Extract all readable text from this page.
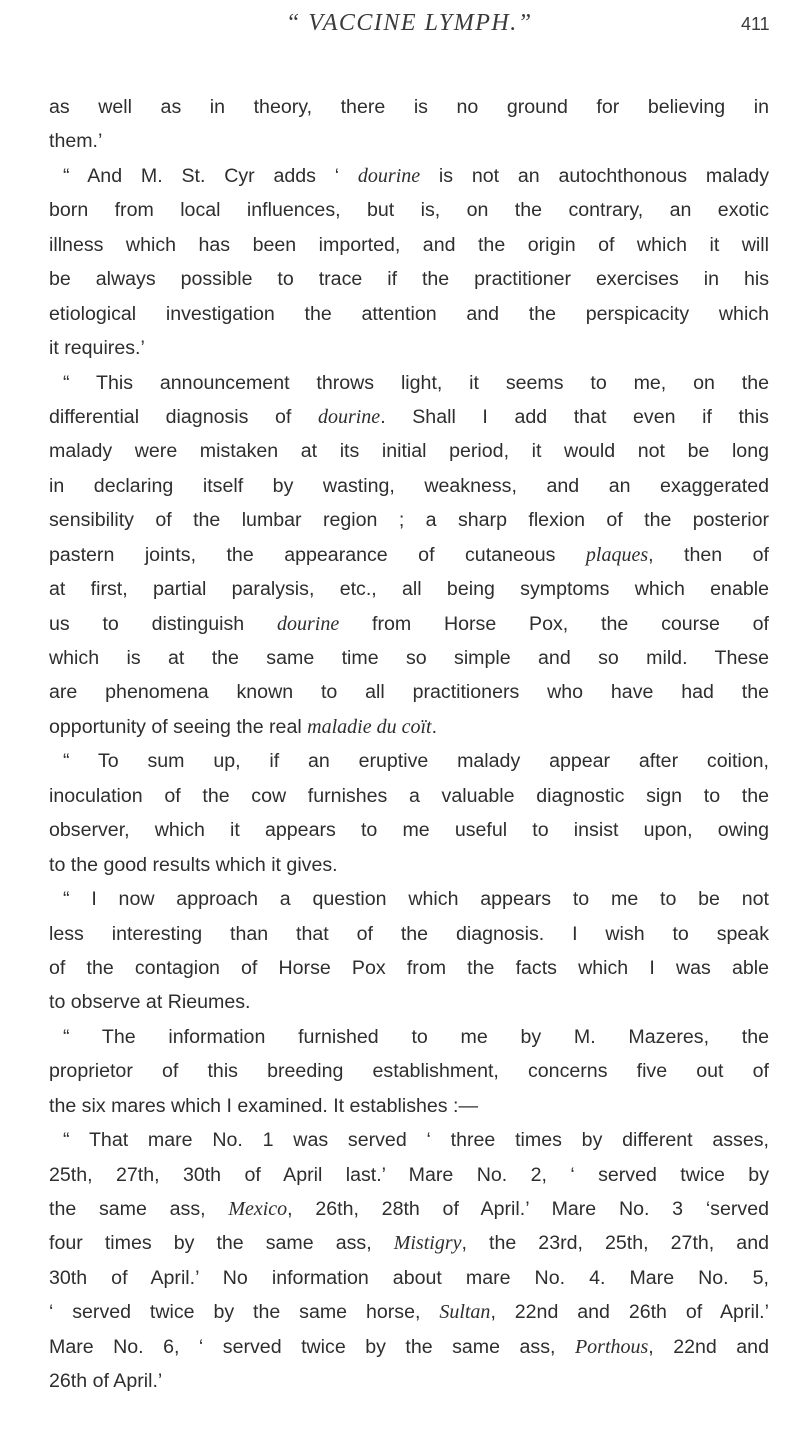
“ VACCINE LYMPH.”	411
as well as in theory, there is no ground for believing in
them.’
“ And M. St. Cyr adds ‘ dourine is not an autochthonous malady
born from local influences, but is, on the contrary, an exotic
illness which has been imported, and the origin of which it will
be always possible to trace if the practitioner exercises in his
etiological investigation the attention and the perspicacity which
it requires.’
“ This announcement throws light, it seems to me, on the
differential diagnosis of dourine. Shall I add that even if this
malady were mistaken at its initial period, it would not be long
in declaring itself by wasting, weakness, and an exaggerated
sensibility of the lumbar region ; a sharp flexion of the posterior
pastern joints, the appearance of cutaneous plaques, then of
at first, partial paralysis, etc., all being symptoms which enable
us to distinguish dourine from Horse Pox, the course of
which is at the same time so simple and so mild. These
are phenomena known to all practitioners who have had the
opportunity of seeing the real maladie du coït.
“ To sum up, if an eruptive malady appear after coition,
inoculation of the cow furnishes a valuable diagnostic sign to the
observer, which it appears to me useful to insist upon, owing
to the good results which it gives.
“ I now approach a question which appears to me to be not
less interesting than that of the diagnosis. I wish to speak
of the contagion of Horse Pox from the facts which I was able
to observe at Rieumes.
“ The information furnished to me by M. Mazeres, the
proprietor of this breeding establishment, concerns five out of
the six mares which I examined. It establishes :—
“ That mare No. 1 was served ‘ three times by different asses,
25th, 27th, 30th of April last.’ Mare No. 2, ‘ served twice by
the same ass, Mexico, 26th, 28th of April.’ Mare No. 3 ‘served
four times by the same ass, Mistigry, the 23rd, 25th, 27th, and
30th of April.’ No information about mare No. 4. Mare No. 5,
‘ served twice by the same horse, Sultan, 22nd and 26th of April.’
Mare No. 6, ‘ served twice by the same ass, Porthous, 22nd and
26th of April.’
